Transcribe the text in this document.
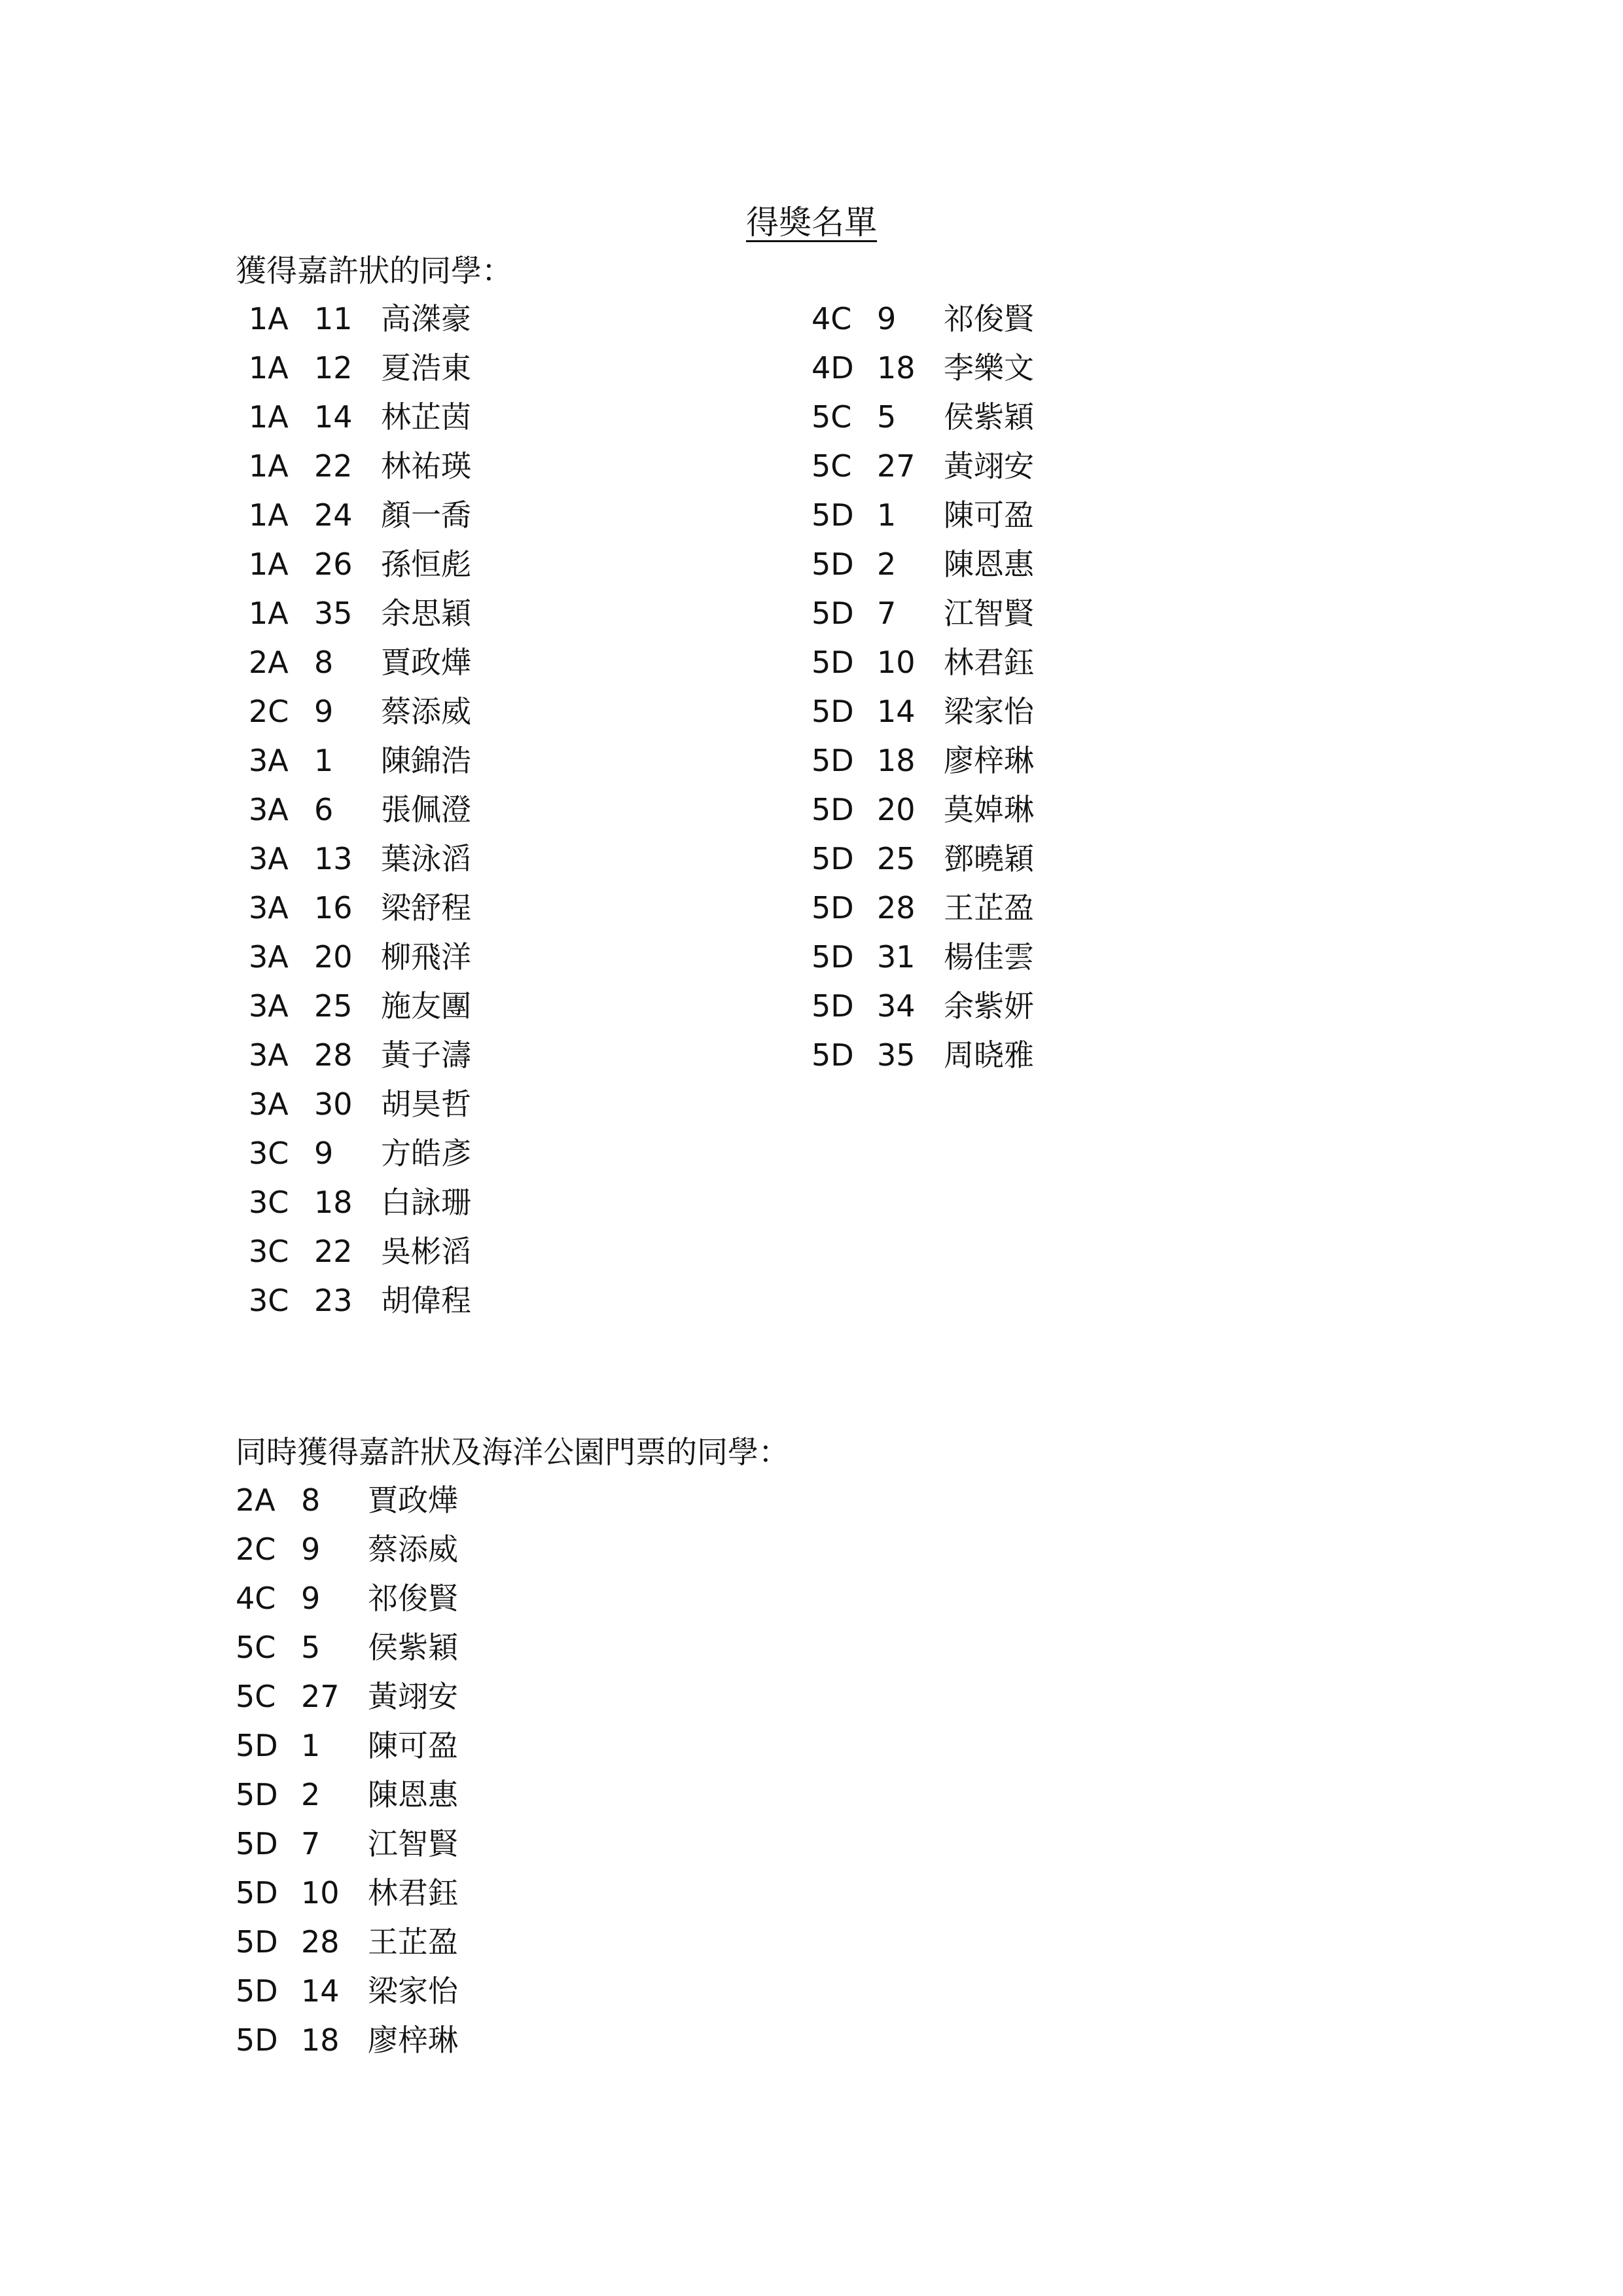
得獎名單
獲得嘉許狀的同學：
1A 11 高滐豪
1A 12 夏浩東
1A 14 林芷茵
1A 22 林祐瑛
1A 24 顏一喬
1A 26 孫恒彪
1A 35 余思穎
2A 8 賈政燁
2C 9 蔡添威
3A 1 陳錦浩
3A 6 張佩澄
3A 13 葉泳滔
3A 16 梁舒程
3A 20 柳飛洋
3A 25 施友團
3A 28 黃子濤
3A 30 胡昊哲
3C 9 方皓彥
3C 18 白詠珊
3C 22 吳彬滔
3C 23 胡偉程
4C 9 祁俊賢
4D 18 李樂文
5C 5 侯紫穎
5C 27 黃翊安
5D 1 陳可盈
5D 2 陳恩惠
5D 7 江智賢
5D 10 林君鈺
5D 14 梁家怡
5D 18 廖梓琳
5D 20 莫婥琳
5D 25 鄧曉穎
5D 28 王芷盈
5D 31 楊佳雲
5D 34 余紫妍
5D 35 周晓雅
同時獲得嘉許狀及海洋公園門票的同學：
2A 8 賈政燁
2C 9 蔡添威
4C 9 祁俊賢
5C 5 侯紫穎
5C 27 黃翊安
5D 1 陳可盈
5D 2 陳恩惠
5D 7 江智賢
5D 10 林君鈺
5D 28 王芷盈
5D 14 梁家怡
5D 18 廖梓琳
